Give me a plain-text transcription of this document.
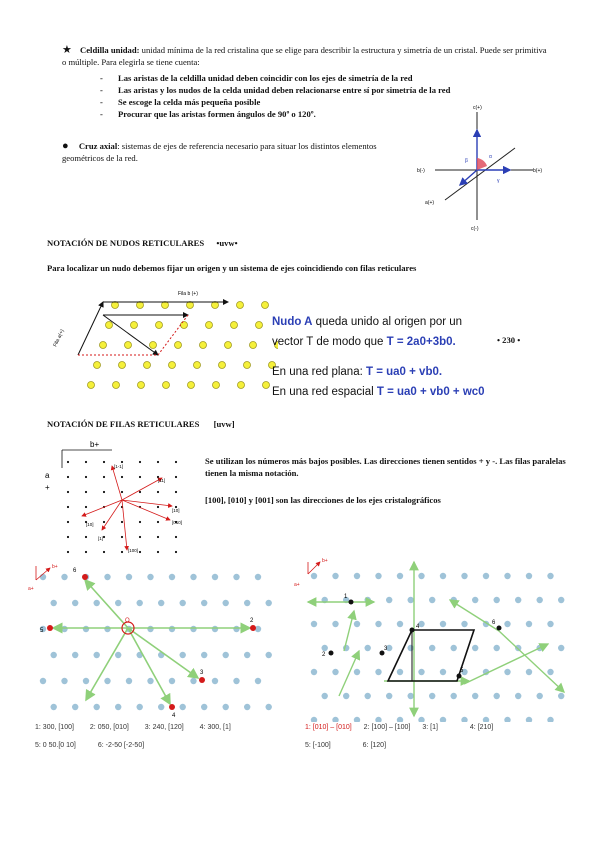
★ Celdilla unidad: unidad mínima de la red cristalina que se elige para describir la estructura y simetría de un cristal. Puede ser primitiva o múltiple. Para elegirla se tiene cuenta:
- Las aristas de la celdilla unidad deben coincidir con los ejes de simetría de la red
- Las aristas y los nudos de la celda unidad deben relacionarse entre sí por simetría de la red
- Se escoge la celda más pequeña posible
- Procurar que las aristas formen ángulos de 90º o 120º.
● Cruz axial: sistemas de ejes de referencia necesario para situar los distintos elementos geométricos de la red.
c(+)
b(+)
b(-)
a(+)
c(-)
α
β
γ
NOTACIÓN DE NUDOS RETICULARES •uvw•
Para localizar un nudo debemos fijar un origen y un sistema de ejes coincidiendo con filas reticulares
Fila b (+)
Fila a(+)
Nudo A queda unido al origen por un
vector T de modo que T = 2a0+3b0.
En una red plana: T = ua0 + vb0.
En una red espacial T = ua0 + vb0 + wc0
• 230 •
NOTACIÓN DE FILAS RETICULARES [uvw]
b+
a
+
[1-1]
[11]
[10]
[010]
[100]
[10]
[1]
Se utilizan los números más bajos posibles. Las direcciones tienen sentidos + y -. Las filas paralelas tienen la misma notación.
[100], [010] y [001] son las direcciones de los ejes cristalográficos
b+
a+
O
6
5
2
3
4
1: 300, [100] 2: 050, [010] 3: 240, [120] 4: 300, [1]
5: 0 50.[0 10]	6: -2-50 [-2-50]
b+
a+
1
2
3
4
5
6
1: [010] – [010] 2: [100] – [100] 3: [1]	4: [210]
5: [-100]	6: [120]
